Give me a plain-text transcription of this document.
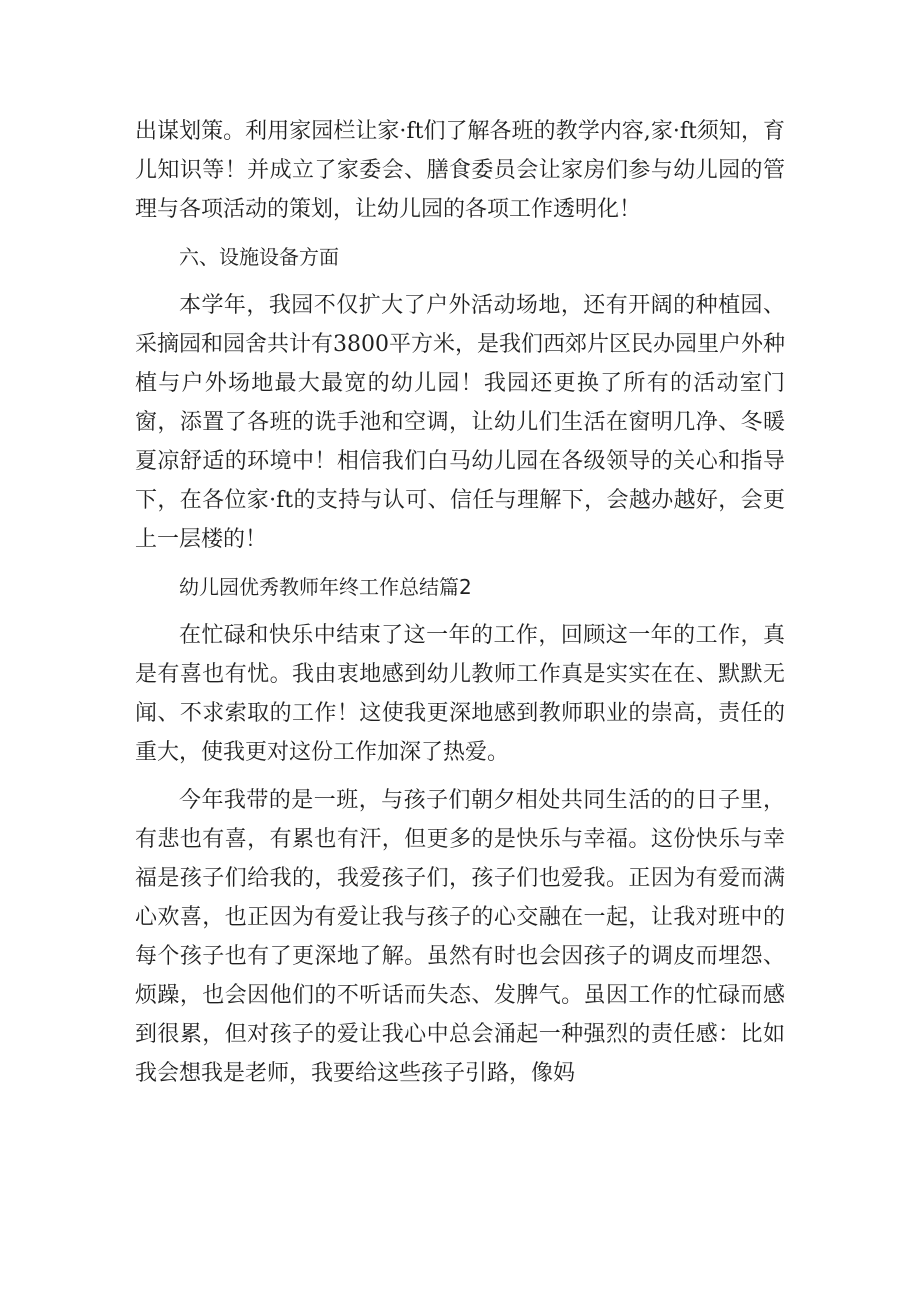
出谋划策。利用家园栏让家·ft们了解各班的教学内容,家·ft须知，育儿知识等！并成立了家委会、膳食委员会让家房们参与幼儿园的管理与各项活动的策划，让幼儿园的各项工作透明化！

六、设施设备方面

本学年，我园不仅扩大了户外活动场地，还有开阔的种植园、采摘园和园舍共计有3800平方米，是我们西郊片区民办园里户外种植与户外场地最大最宽的幼儿园！我园还更换了所有的活动室门窗，添置了各班的诜手池和空调，让幼儿们生活在窗明几净、冬暖夏凉舒适的环境中！相信我们白马幼儿园在各级领导的关心和指导下，在各位家·ft的支持与认可、信任与理解下，会越办越好，会更上一层楼的！

幼儿园优秀教师年终工作总结篇2

在忙碌和快乐中结束了这一年的工作，回顾这一年的工作，真是有喜也有忧。我由衷地感到幼儿教师工作真是实实在在、默默无闻、不求索取的工作！这使我更深地感到教师职业的崇高，责任的重大，使我更对这份工作加深了热爱。

今年我带的是一班，与孩子们朝夕相处共同生活的的日子里，有悲也有喜，有累也有汗，但更多的是快乐与幸福。这份快乐与幸福是孩子们给我的，我爱孩子们，孩子们也爱我。正因为有爱而满心欢喜，也正因为有爱让我与孩子的心交融在一起，让我对班中的每个孩子也有了更深地了解。虽然有时也会因孩子的调皮而埋怨、烦躁，也会因他们的不听话而失态、发脾气。虽因工作的忙碌而感到很累，但对孩子的爱让我心中总会涌起一种强烈的责任感：比如我会想我是老师，我要给这些孩子引路，像妈
